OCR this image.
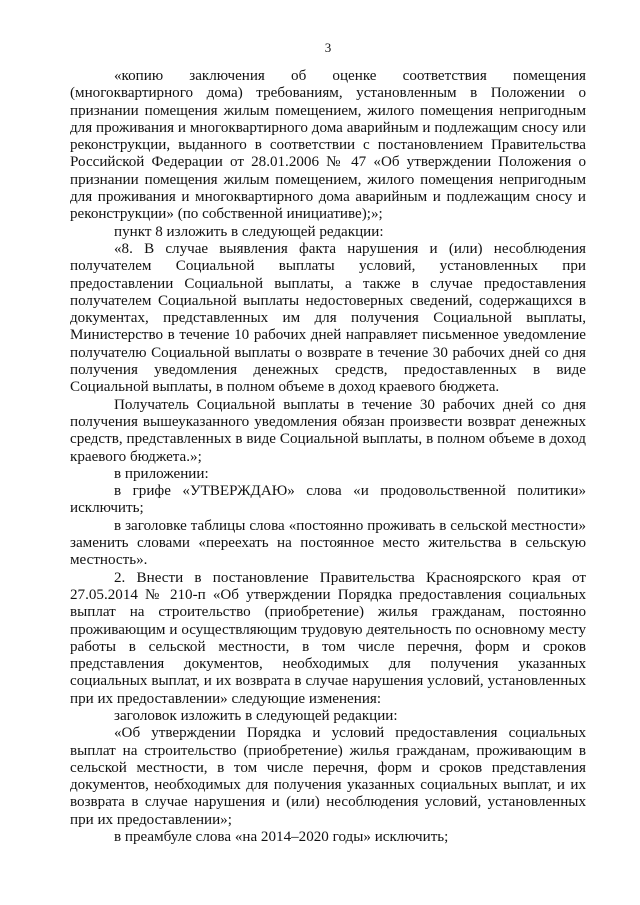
3

«копию заключения об оценке соответствия помещения (многоквартирного дома) требованиям, установленным в Положении о признании помещения жилым помещением, жилого помещения непригодным для проживания и многоквартирного дома аварийным и подлежащим сносу или реконструкции, выданного в соответствии с постановлением Правительства Российской Федерации от 28.01.2006 № 47 «Об утверждении Положения о признании помещения жилым помещением, жилого помещения непригодным для проживания и многоквартирного дома аварийным и подлежащим сносу и реконструкции» (по собственной инициативе);»;

пункт 8 изложить в следующей редакции:

«8. В случае выявления факта нарушения и (или) несоблюдения получателем Социальной выплаты условий, установленных при предоставлении Социальной выплаты, а также в случае предоставления получателем Социальной выплаты недостоверных сведений, содержащихся в документах, представленных им для получения Социальной выплаты, Министерство в течение 10 рабочих дней направляет письменное уведомление получателю Социальной выплаты о возврате в течение 30 рабочих дней со дня получения уведомления денежных средств, предоставленных в виде Социальной выплаты, в полном объеме в доход краевого бюджета.

Получатель Социальной выплаты в течение 30 рабочих дней со дня получения вышеуказанного уведомления обязан произвести возврат денежных средств, представленных в виде Социальной выплаты, в полном объеме в доход краевого бюджета.»;

в приложении:

в грифе «УТВЕРЖДАЮ» слова «и продовольственной политики» исключить;

в заголовке таблицы слова «постоянно проживать в сельской местности» заменить словами «переехать на постоянное место жительства в сельскую местность».

2. Внести в постановление Правительства Красноярского края от 27.05.2014 № 210-п «Об утверждении Порядка предоставления социальных выплат на строительство (приобретение) жилья гражданам, постоянно проживающим и осуществляющим трудовую деятельность по основному месту работы в сельской местности, в том числе перечня, форм и сроков представления документов, необходимых для получения указанных социальных выплат, и их возврата в случае нарушения условий, установленных при их предоставлении» следующие изменения:

заголовок изложить в следующей редакции:

«Об утверждении Порядка и условий предоставления социальных выплат на строительство (приобретение) жилья гражданам, проживающим в сельской местности, в том числе перечня, форм и сроков представления документов, необходимых для получения указанных социальных выплат, и их возврата в случае нарушения и (или) несоблюдения условий, установленных при их предоставлении»;

в преамбуле слова «на 2014–2020 годы» исключить;
